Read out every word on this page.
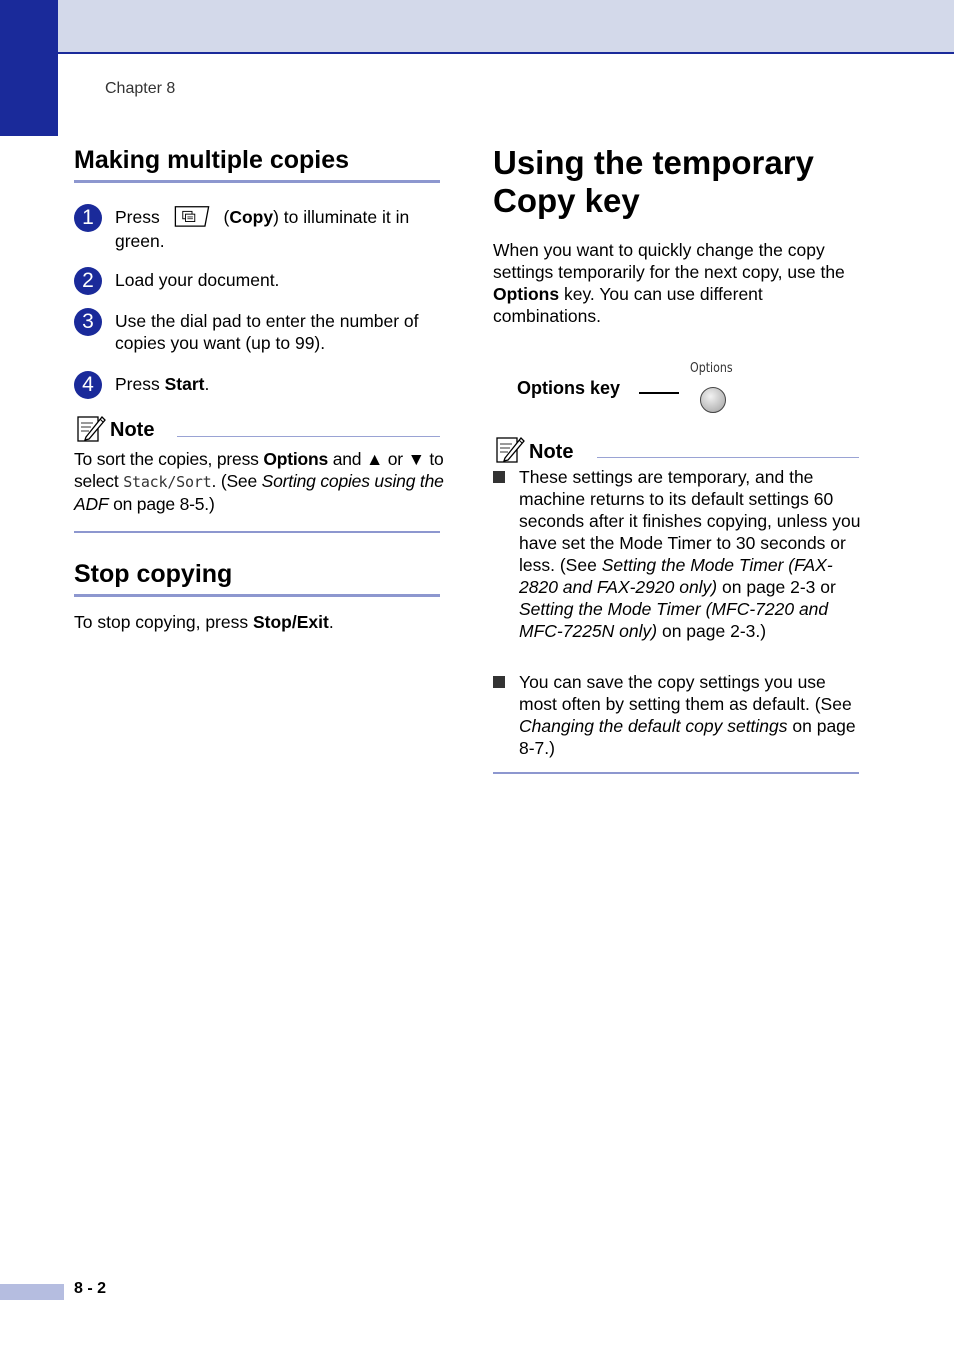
Chapter 8
Making multiple copies
1	Press	(Copy) to illuminate it in green.
2	Load your document.
3	Use the dial pad to enter the number of copies you want (up to 99).
4	Press Start.
Note
To sort the copies, press Options and ▲ or ▼ to select Stack/Sort. (See Sorting copies using the ADF on page 8-5.)
Stop copying
To stop copying, press Stop/Exit.
Using the temporary
Copy key
When you want to quickly change the copy settings temporarily for the next copy, use the Options key. You can use different combinations.
Options key
Options
Note
These settings are temporary, and the machine returns to its default settings 60 seconds after it finishes copying, unless you have set the Mode Timer to 30 seconds or less. (See Setting the Mode Timer (FAX-2820 and FAX-2920 only) on page 2-3 or Setting the Mode Timer (MFC-7220 and MFC-7225N only) on page 2-3.)
You can save the copy settings you use most often by setting them as default. (See Changing the default copy settings on page 8-7.)
8 - 2
